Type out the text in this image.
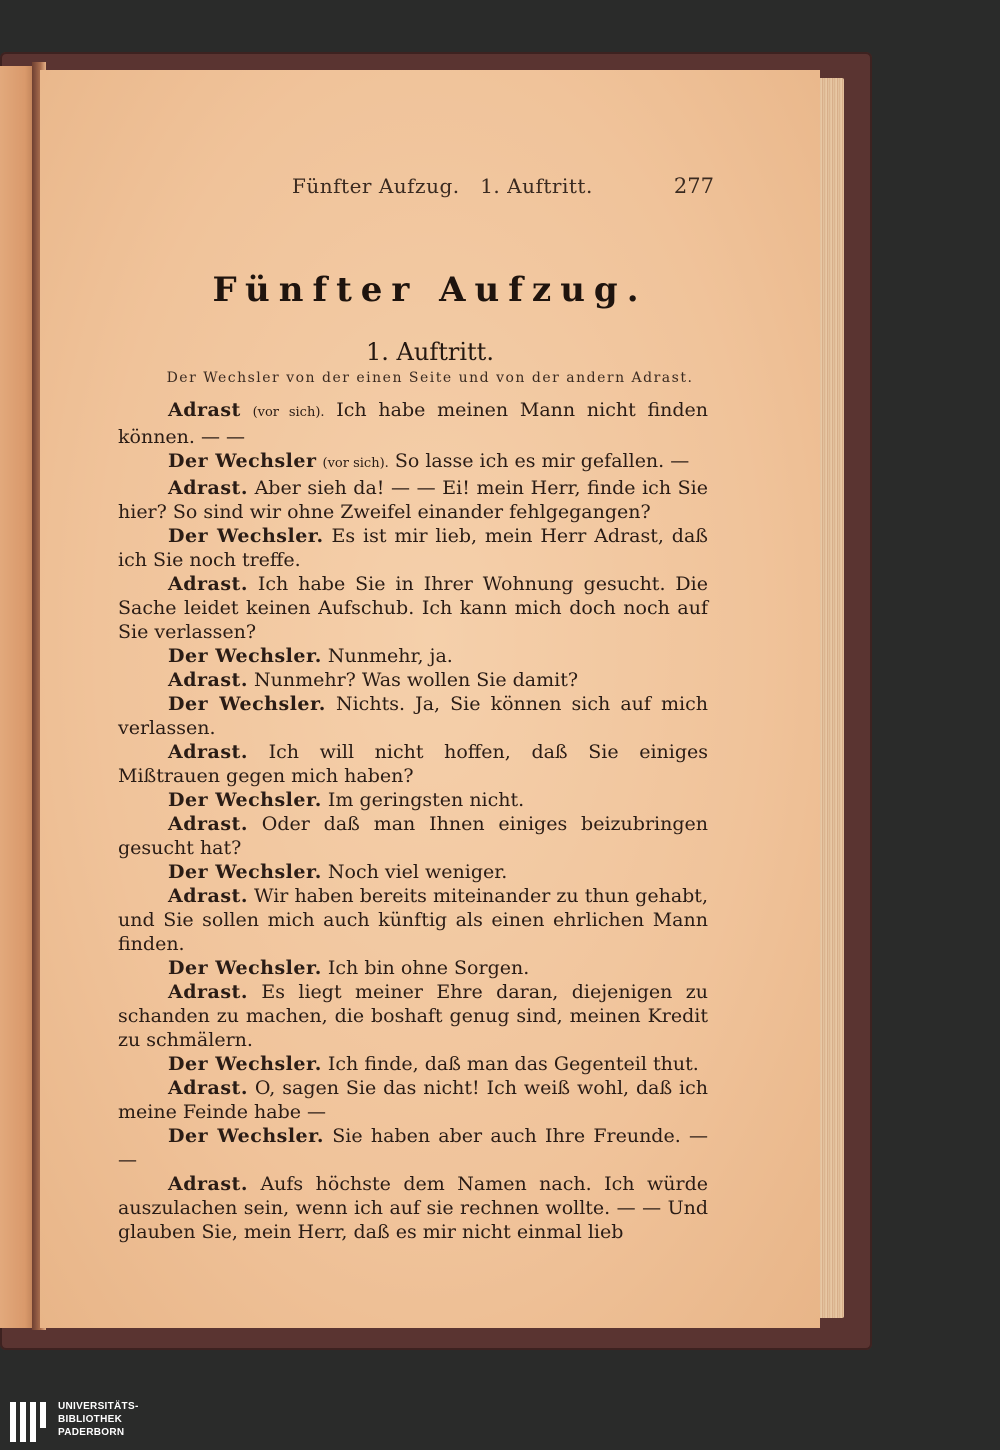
Fünfter Aufzug.   1. Auftritt.	277
Fünfter Aufzug.
1. Auftritt.
Der Wechsler von der einen Seite und von der andern Adrast.

Adrast (vor sich). Ich habe meinen Mann nicht finden können. — —

Der Wechsler (vor sich). So lasse ich es mir gefallen. —

Adrast. Aber sieh da! — — Ei! mein Herr, finde ich Sie hier? So sind wir ohne Zweifel einander fehlgegangen?

Der Wechsler. Es ist mir lieb, mein Herr Adrast, daß ich Sie noch treffe.

Adrast. Ich habe Sie in Ihrer Wohnung gesucht. Die Sache leidet keinen Aufschub. Ich kann mich doch noch auf Sie verlassen?

Der Wechsler. Nunmehr, ja.

Adrast. Nunmehr? Was wollen Sie damit?

Der Wechsler. Nichts. Ja, Sie können sich auf mich verlassen.

Adrast. Ich will nicht hoffen, daß Sie einiges Mißtrauen gegen mich haben?

Der Wechsler. Im geringsten nicht.

Adrast. Oder daß man Ihnen einiges beizubringen gesucht hat?

Der Wechsler. Noch viel weniger.

Adrast. Wir haben bereits miteinander zu thun gehabt, und Sie sollen mich auch künftig als einen ehrlichen Mann finden.

Der Wechsler. Ich bin ohne Sorgen.

Adrast. Es liegt meiner Ehre daran, diejenigen zu schanden zu machen, die boshaft genug sind, meinen Kredit zu schmälern.

Der Wechsler. Ich finde, daß man das Gegenteil thut.

Adrast. O, sagen Sie das nicht! Ich weiß wohl, daß ich meine Feinde habe —

Der Wechsler. Sie haben aber auch Ihre Freunde. — —

Adrast. Aufs höchste dem Namen nach. Ich würde auszulachen sein, wenn ich auf sie rechnen wollte. — — Und glauben Sie, mein Herr, daß es mir nicht einmal lieb

UNIVERSITÄTS-
BIBLIOTHEK
PADERBORN
